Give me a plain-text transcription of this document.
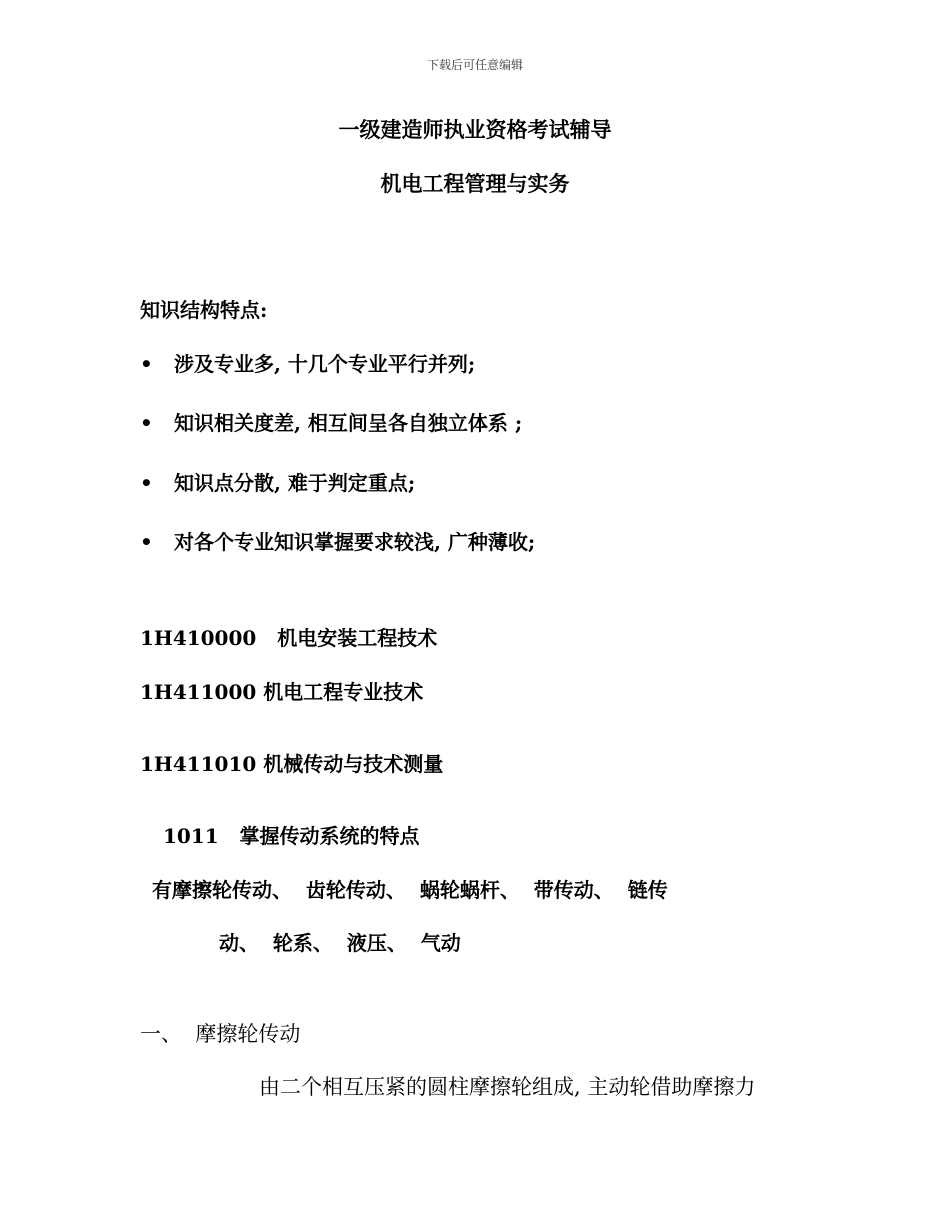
下载后可任意编辑
一级建造师执业资格考试辅导
机电工程管理与实务
知识结构特点:
• 涉及专业多, 十几个专业平行并列;
• 知识相关度差, 相互间呈各自独立体系 ;
• 知识点分散, 难于判定重点;
• 对各个专业知识掌握要求较浅, 广种薄收;
1H410000   机电安装工程技术
1H411000 机电工程专业技术
1H411010 机械传动与技术测量
1011   掌握传动系统的特点
有摩擦轮传动、  齿轮传动、  蜗轮蜗杆、  带传动、  链传
动、  轮系、  液压、  气动
一、  摩擦轮传动
由二个相互压紧的圆柱摩擦轮组成, 主动轮借助摩擦力
